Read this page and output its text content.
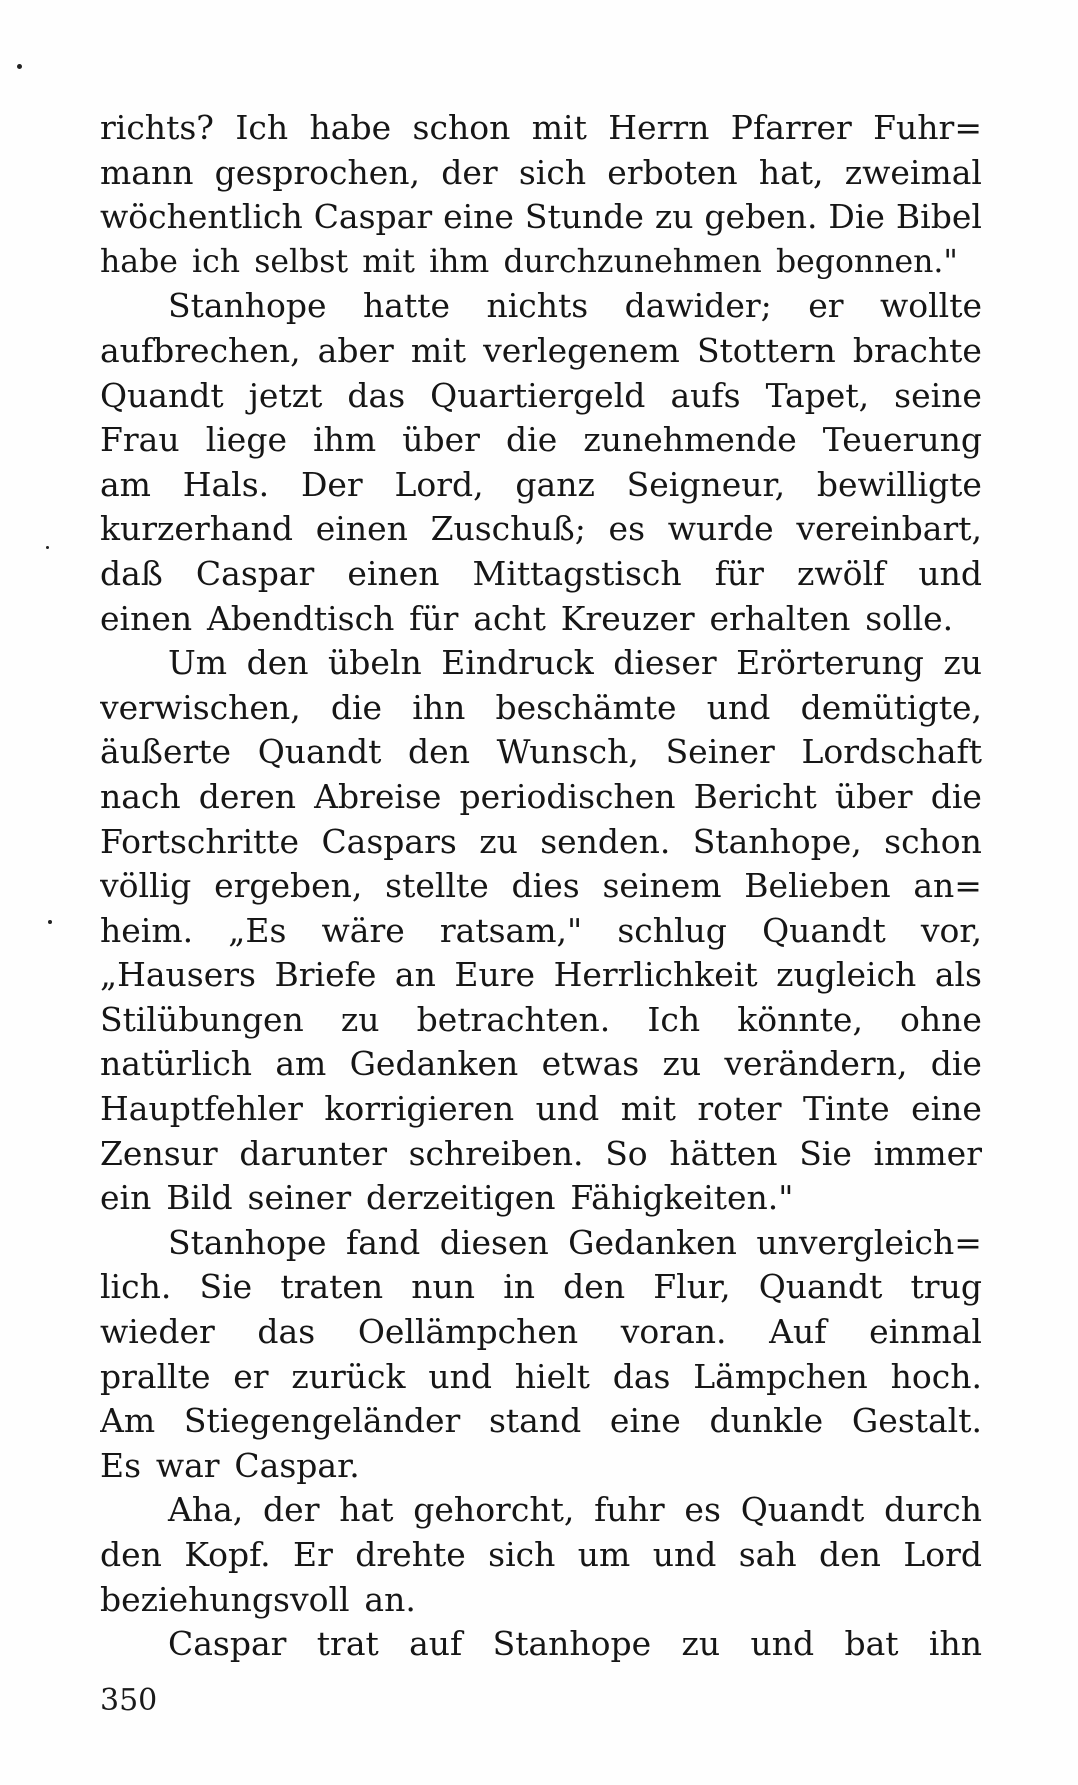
richts? Ich habe schon mit Herrn Pfarrer Fuhr=
mann gesprochen, der sich erboten hat, zweimal
wöchentlich Caspar eine Stunde zu geben. Die Bibel
habe ich selbst mit ihm durchzunehmen begonnen."
Stanhope hatte nichts dawider; er wollte
aufbrechen, aber mit verlegenem Stottern brachte
Quandt jetzt das Quartiergeld aufs Tapet, seine
Frau liege ihm über die zunehmende Teuerung
am Hals. Der Lord, ganz Seigneur, bewilligte
kurzerhand einen Zuschuß; es wurde vereinbart,
daß Caspar einen Mittagstisch für zwölf und
einen Abendtisch für acht Kreuzer erhalten solle.
Um den übeln Eindruck dieser Erörterung zu
verwischen, die ihn beschämte und demütigte,
äußerte Quandt den Wunsch, Seiner Lordschaft
nach deren Abreise periodischen Bericht über die
Fortschritte Caspars zu senden. Stanhope, schon
völlig ergeben, stellte dies seinem Belieben an=
heim. „Es wäre ratsam," schlug Quandt vor,
„Hausers Briefe an Eure Herrlichkeit zugleich als
Stilübungen zu betrachten. Ich könnte, ohne
natürlich am Gedanken etwas zu verändern, die
Hauptfehler korrigieren und mit roter Tinte eine
Zensur darunter schreiben. So hätten Sie immer
ein Bild seiner derzeitigen Fähigkeiten."
Stanhope fand diesen Gedanken unvergleich=
lich. Sie traten nun in den Flur, Quandt trug
wieder das Oellämpchen voran. Auf einmal
prallte er zurück und hielt das Lämpchen hoch.
Am Stiegengeländer stand eine dunkle Gestalt.
Es war Caspar.
Aha, der hat gehorcht, fuhr es Quandt durch
den Kopf. Er drehte sich um und sah den Lord
beziehungsvoll an.
Caspar trat auf Stanhope zu und bat ihn
350
